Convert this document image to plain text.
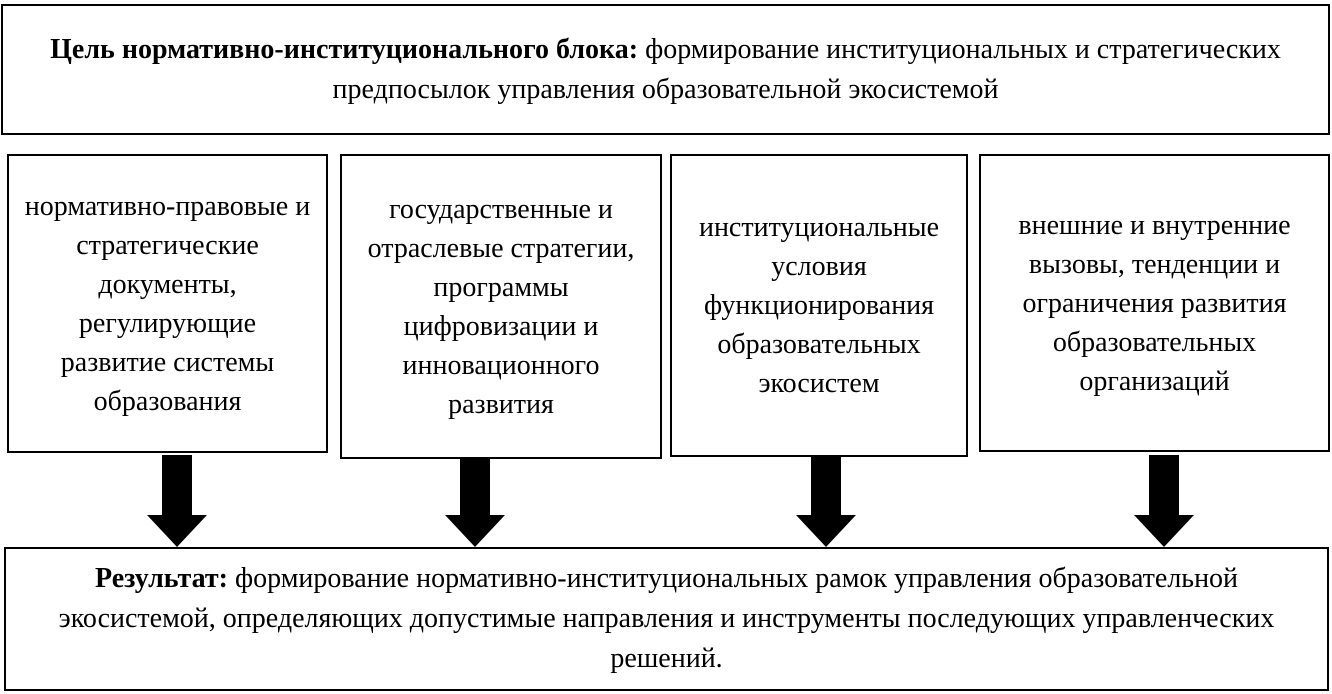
Цель нормативно-институционального блока: формирование институциональных и стратегических предпосылок управления образовательной экосистемой

нормативно-правовые и стратегические документы, регулирующие развитие системы образования

государственные и отраслевые стратегии, программы цифровизации и инновационного развития

институциональные условия функционирования образовательных экосистем

внешние и внутренние вызовы, тенденции и ограничения развития образовательных организаций

Результат: формирование нормативно-институциональных рамок управления образовательной экосистемой, определяющих допустимые направления и инструменты последующих управленческих решений.
